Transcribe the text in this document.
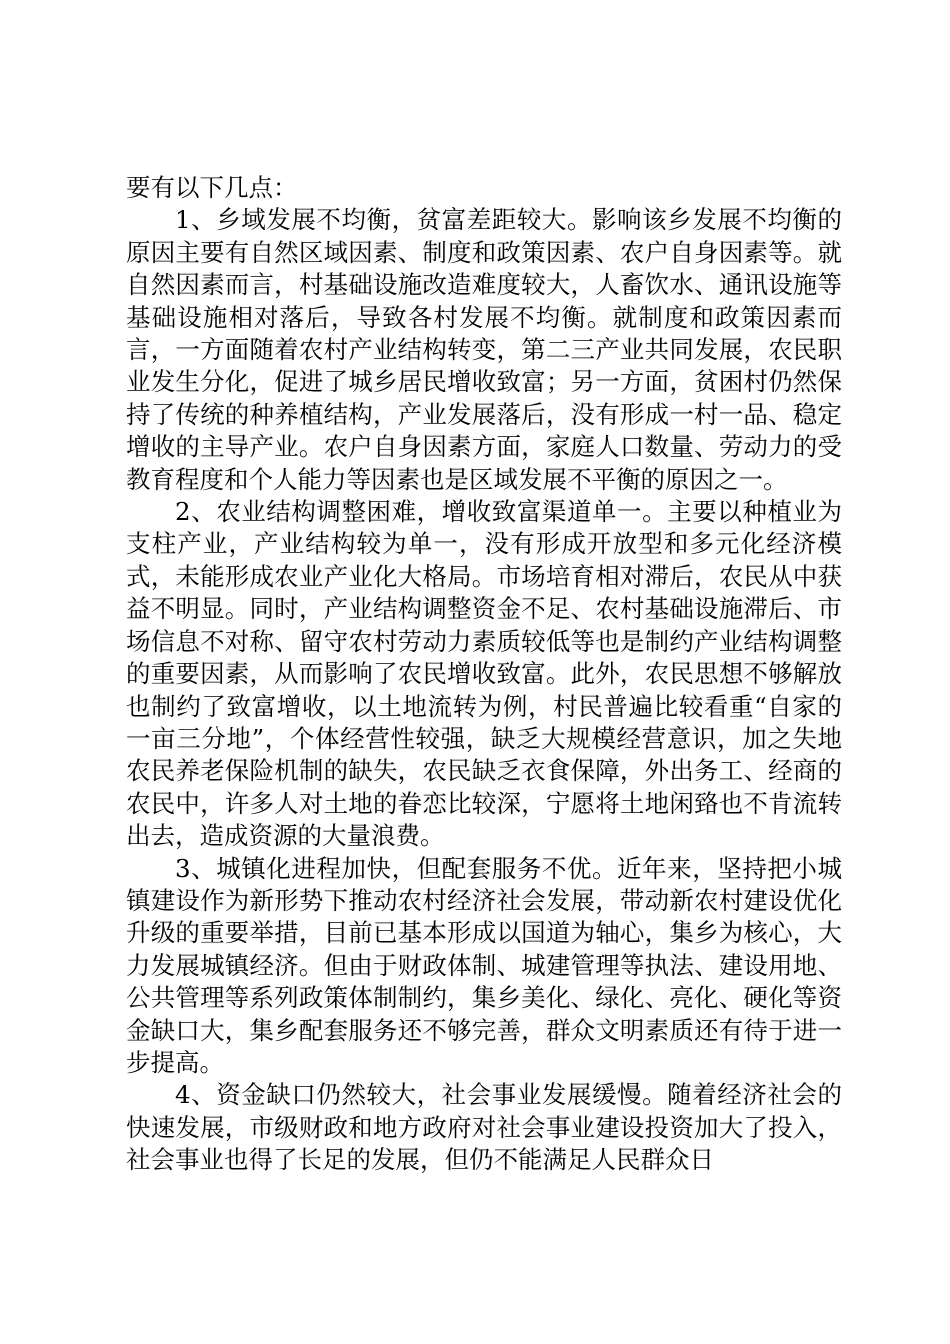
要有以下几点：

1、乡域发展不均衡，贫富差距较大。影响该乡发展不均衡的原因主要有自然区域因素、制度和政策因素、农户自身因素等。就自然因素而言，村基础设施改造难度较大，人畜饮水、通讯设施等基础设施相对落后，导致各村发展不均衡。就制度和政策因素而言，一方面随着农村产业结构转变，第二三产业共同发展，农民职业发生分化，促进了城乡居民增收致富；另一方面，贫困村仍然保持了传统的种养植结构，产业发展落后，没有形成一村一品、稳定增收的主导产业。农户自身因素方面，家庭人口数量、劳动力的受教育程度和个人能力等因素也是区域发展不平衡的原因之一。

2、农业结构调整困难，增收致富渠道单一。主要以种植业为支柱产业，产业结构较为单一，没有形成开放型和多元化经济模式，未能形成农业产业化大格局。市场培育相对滞后，农民从中获益不明显。同时，产业结构调整资金不足、农村基础设施滞后、市场信息不对称、留守农村劳动力素质较低等也是制约产业结构调整的重要因素，从而影响了农民增收致富。此外，农民思想不够解放也制约了致富增收，以土地流转为例，村民普遍比较看重“自家的一亩三分地”，个体经营性较强，缺乏大规模经营意识，加之失地农民养老保险机制的缺失，农民缺乏衣食保障，外出务工、经商的农民中，许多人对土地的眷恋比较深，宁愿将土地闲臵也不肯流转出去，造成资源的大量浪费。

3、城镇化进程加快，但配套服务不优。近年来，坚持把小城镇建设作为新形势下推动农村经济社会发展，带动新农村建设优化升级的重要举措，目前已基本形成以国道为轴心，集乡为核心，大力发展城镇经济。但由于财政体制、城建管理等执法、建设用地、公共管理等系列政策体制制约，集乡美化、绿化、亮化、硬化等资金缺口大，集乡配套服务还不够完善，群众文明素质还有待于进一步提高。

4、资金缺口仍然较大，社会事业发展缓慢。随着经济社会的快速发展，市级财政和地方政府对社会事业建设投资加大了投入，社会事业也得了长足的发展，但仍不能满足人民群众日
